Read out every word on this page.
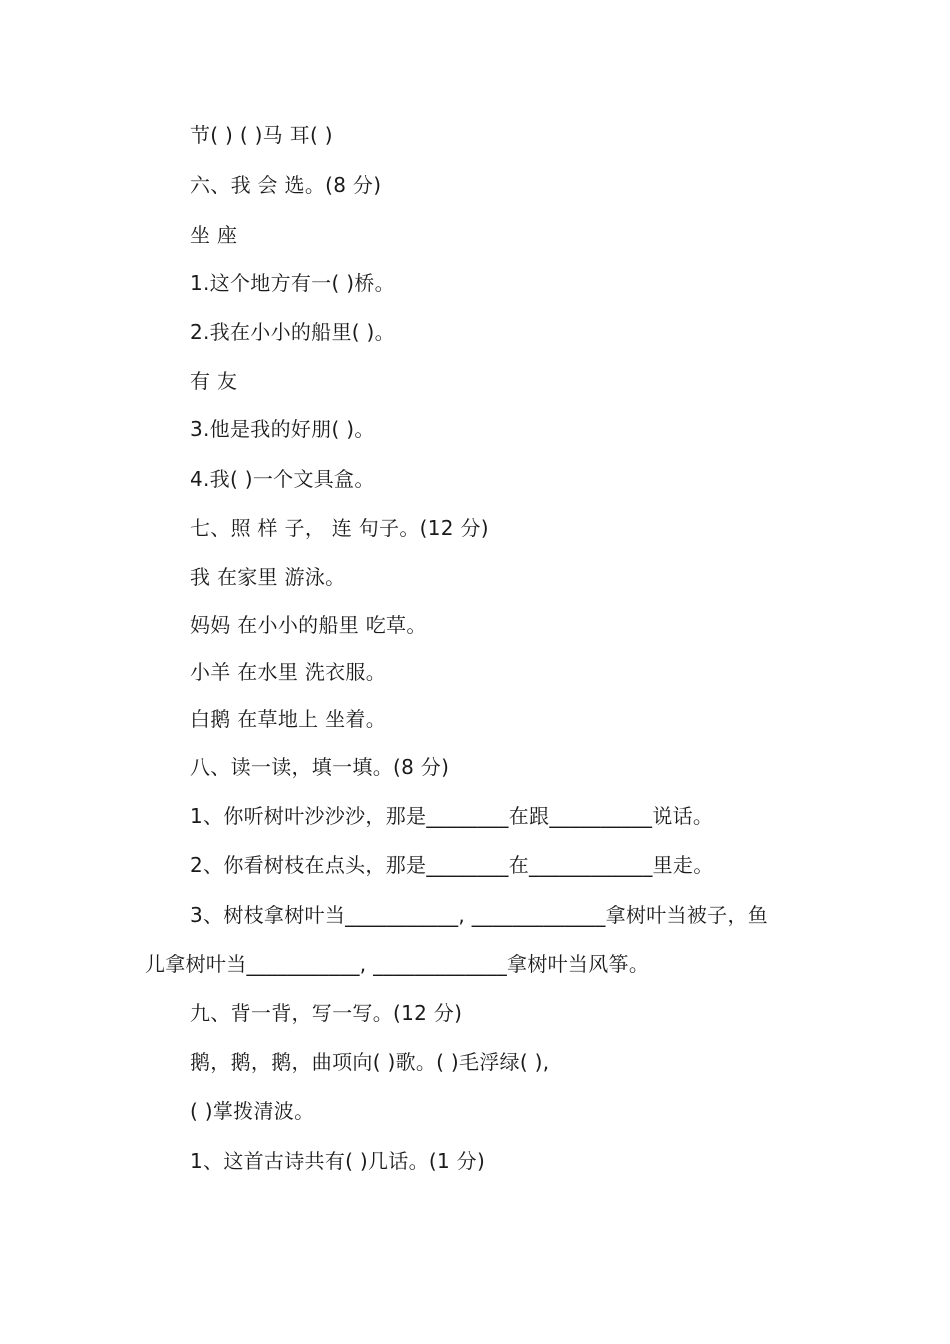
节( ) ( )马 耳( )
六、我 会 选。(8 分)
坐 座
1.这个地方有一( )桥。
2.我在小小的船里( )。
有 友
3.他是我的好朋( )。
4.我( )一个文具盒。
七、照 样 子， 连 句子。(12 分)
我 在家里 游泳。
妈妈 在小小的船里 吃草。
小羊 在水里 洗衣服。
白鹅 在草地上 坐着。
八、读一读，填一填。(8 分)
1、你听树叶沙沙沙，那是________在跟__________说话。
2、你看树枝在点头，那是________在____________里走。
3、树枝拿树叶当___________, _____________拿树叶当被子，鱼
儿拿树叶当___________, _____________拿树叶当风筝。
九、背一背，写一写。(12 分)
鹅，鹅，鹅，曲项向( )歌。( )毛浮绿( ),
( )掌拨清波。
1、这首古诗共有( )几话。(1 分)
